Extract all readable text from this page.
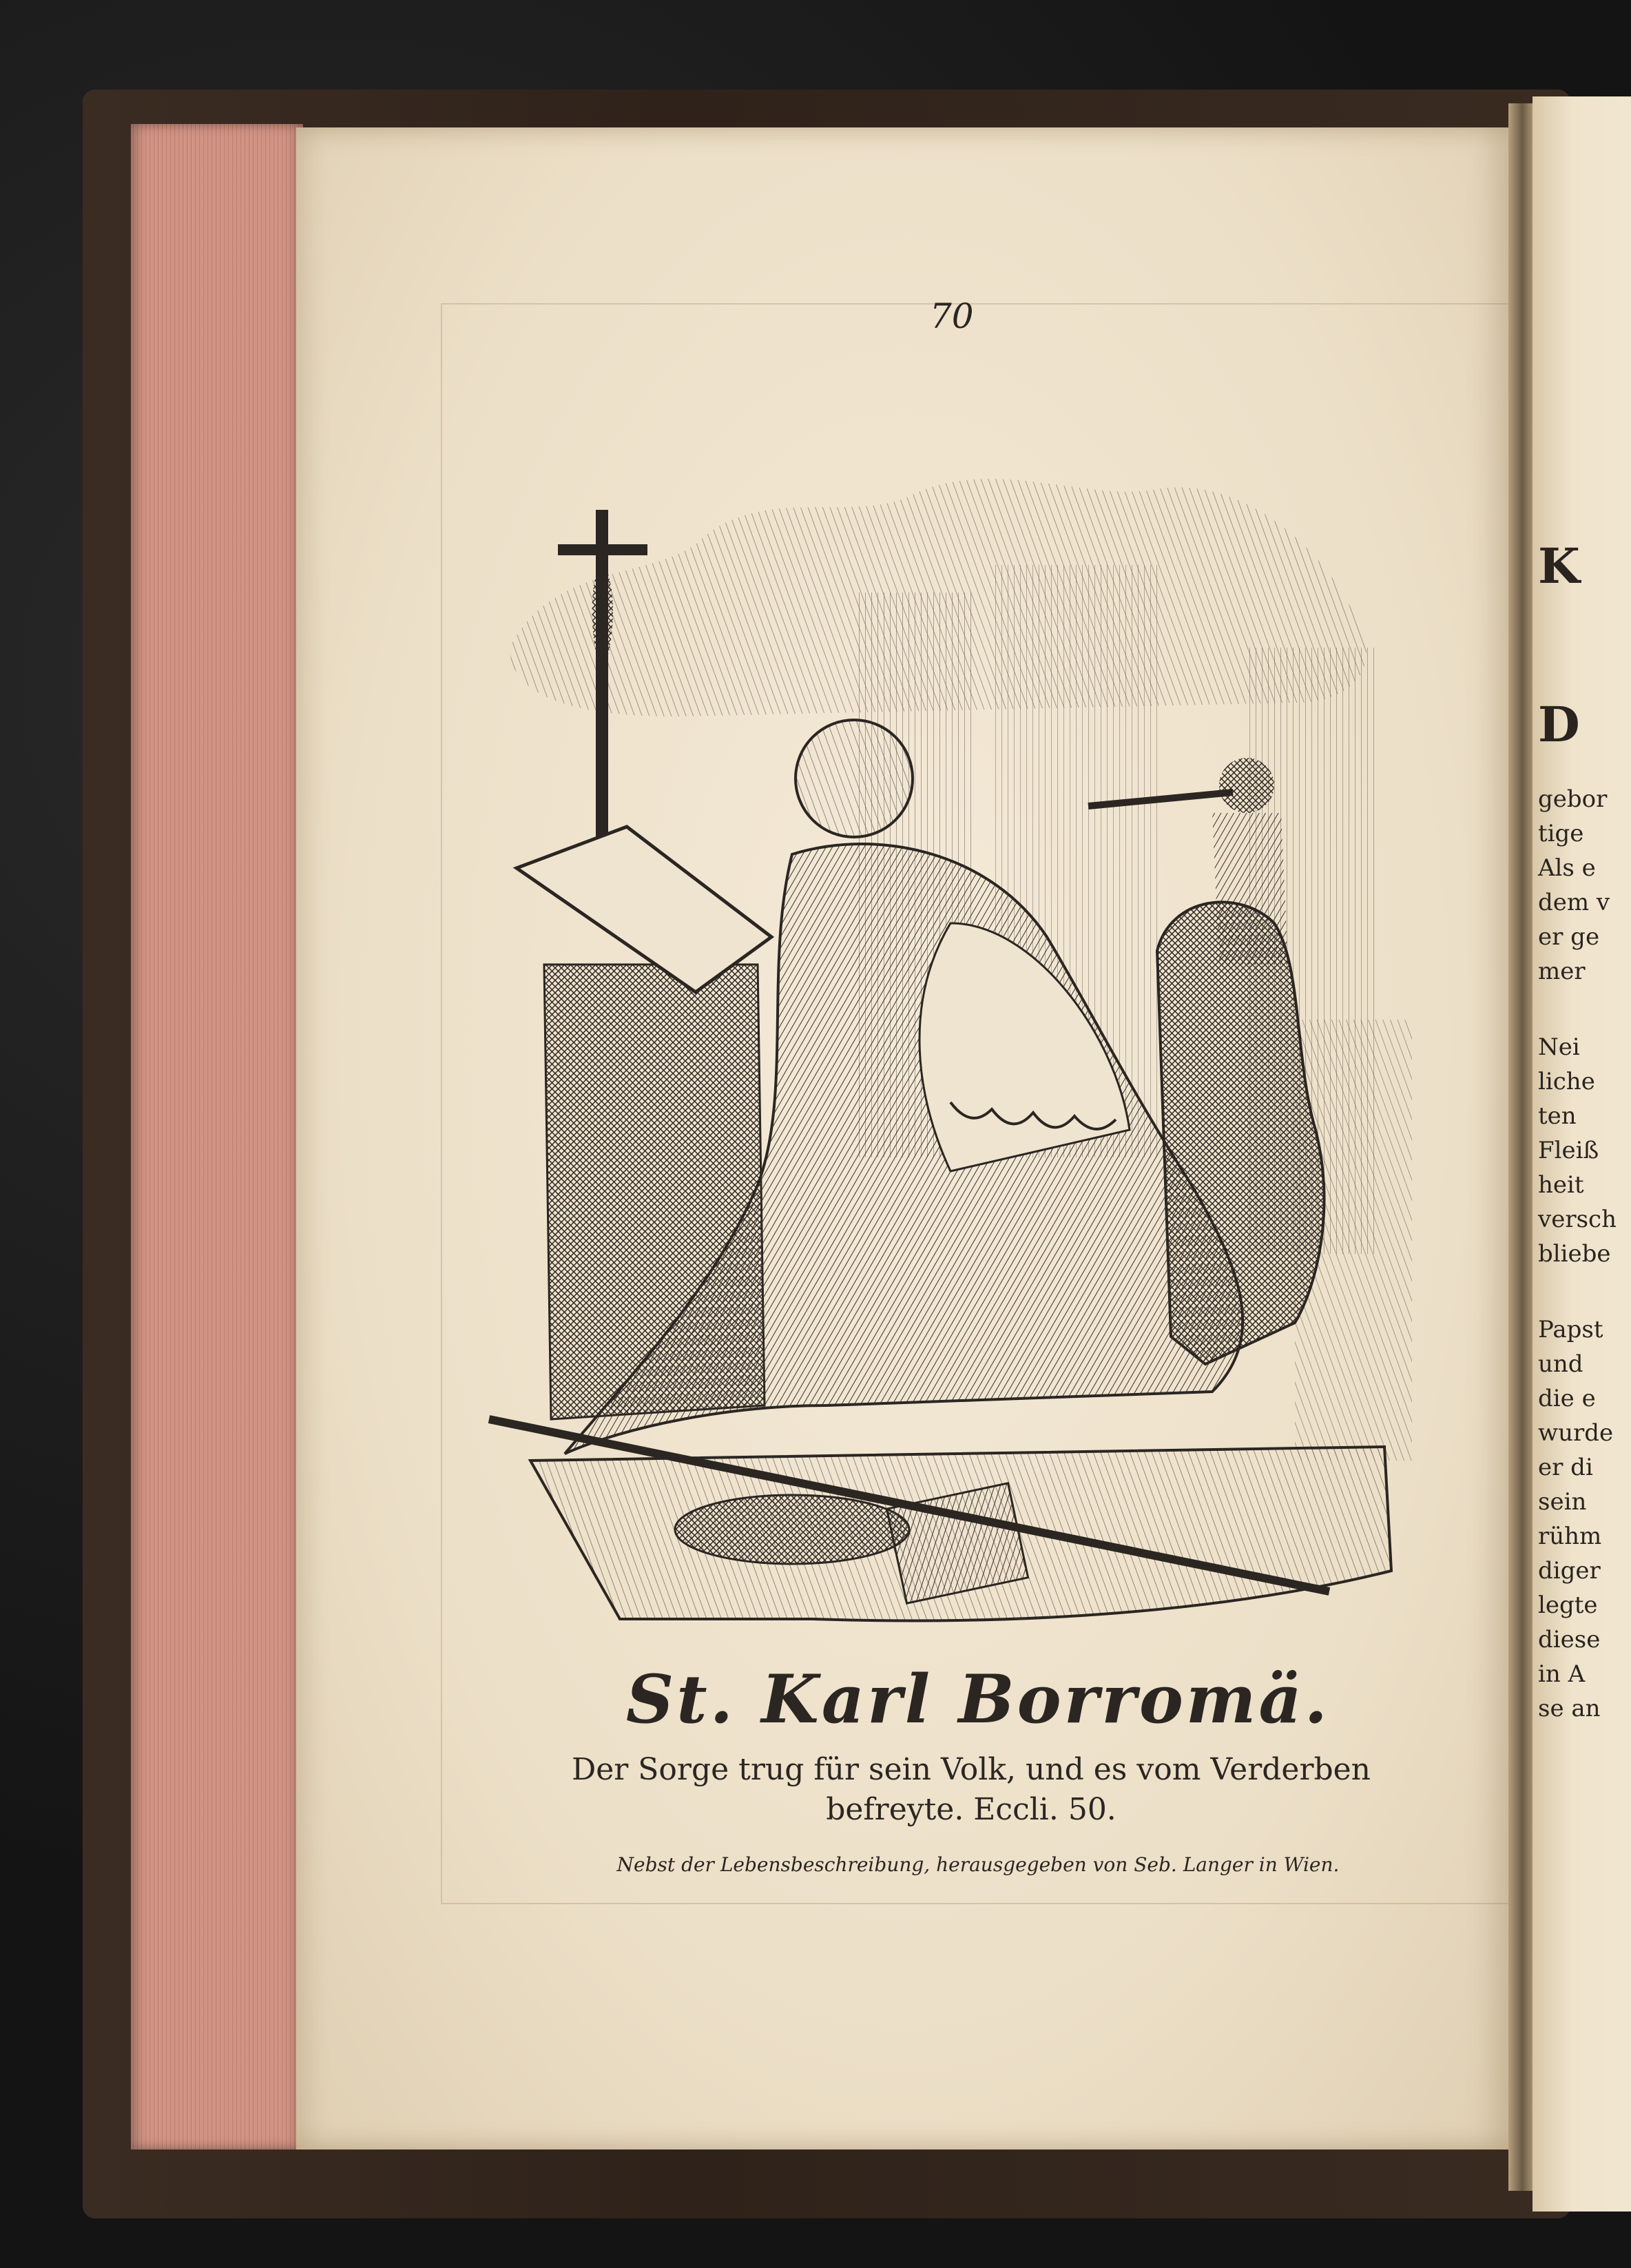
70
St. Karl Borromä.
Der Sorge trug für sein Volk, und es vom Verderben
befreyte. Eccli. 50.
Nebst der Lebensbeschreibung, herausgegeben von Seb. Langer in Wien.
K
D
gebor
tige
Als e
dem v
er ge
mer
Nei
liche
ten
Fleiß
heit
versch
bliebe
Papst
und
die e
wurde
er di
sein
rühm
diger
legte
diese
in A
se an
